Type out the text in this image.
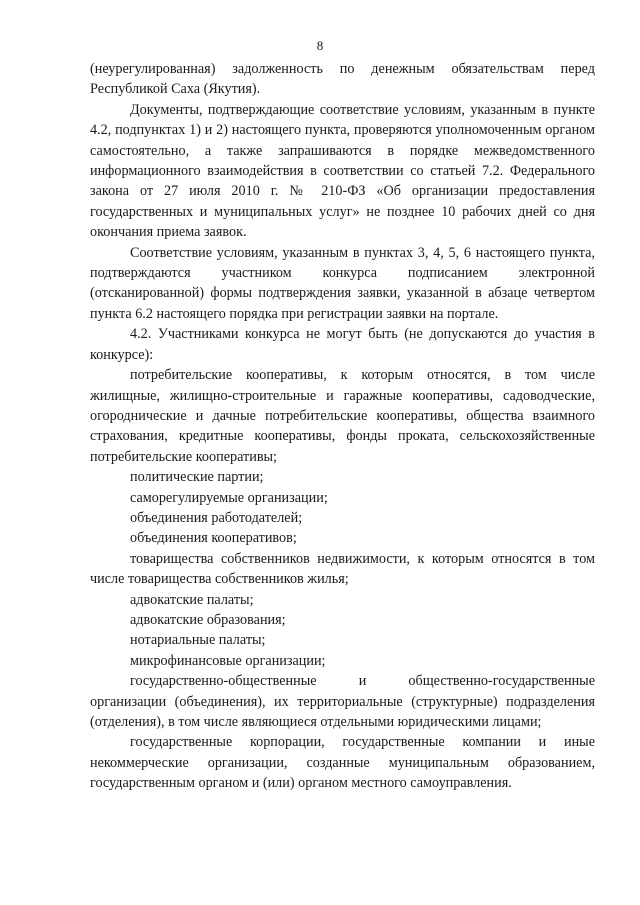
8

(неурегулированная) задолженность по денежным обязательствам перед Республикой Саха (Якутия).

Документы, подтверждающие соответствие условиям, указанным в пункте 4.2, подпунктах 1) и 2) настоящего пункта, проверяются уполномоченным органом самостоятельно, а также запрашиваются в порядке межведомственного информационного взаимодействия в соответствии со статьей 7.2. Федерального закона от 27 июля 2010 г. № 210-ФЗ «Об организации предоставления государственных и муниципальных услуг» не позднее 10 рабочих дней со дня окончания приема заявок.

Соответствие условиям, указанным в пунктах 3, 4, 5, 6 настоящего пункта, подтверждаются участником конкурса подписанием электронной (отсканированной) формы подтверждения заявки, указанной в абзаце четвертом пункта 6.2 настоящего порядка при регистрации заявки на портале.

4.2. Участниками конкурса не могут быть (не допускаются до участия в конкурсе):

потребительские кооперативы, к которым относятся, в том числе жилищные, жилищно-строительные и гаражные кооперативы, садоводческие, огороднические и дачные потребительские кооперативы, общества взаимного страхования, кредитные кооперативы, фонды проката, сельскохозяйственные потребительские кооперативы;

политические партии;

саморегулируемые организации;

объединения работодателей;

объединения кооперативов;

товарищества собственников недвижимости, к которым относятся в том числе товарищества собственников жилья;

адвокатские палаты;

адвокатские образования;

нотариальные палаты;

микрофинансовые организации;

государственно-общественные и общественно-государственные организации (объединения), их территориальные (структурные) подразделения (отделения), в том числе являющиеся отдельными юридическими лицами;

государственные корпорации, государственные компании и иные некоммерческие организации, созданные муниципальным образованием, государственным органом и (или) органом местного самоуправления.
